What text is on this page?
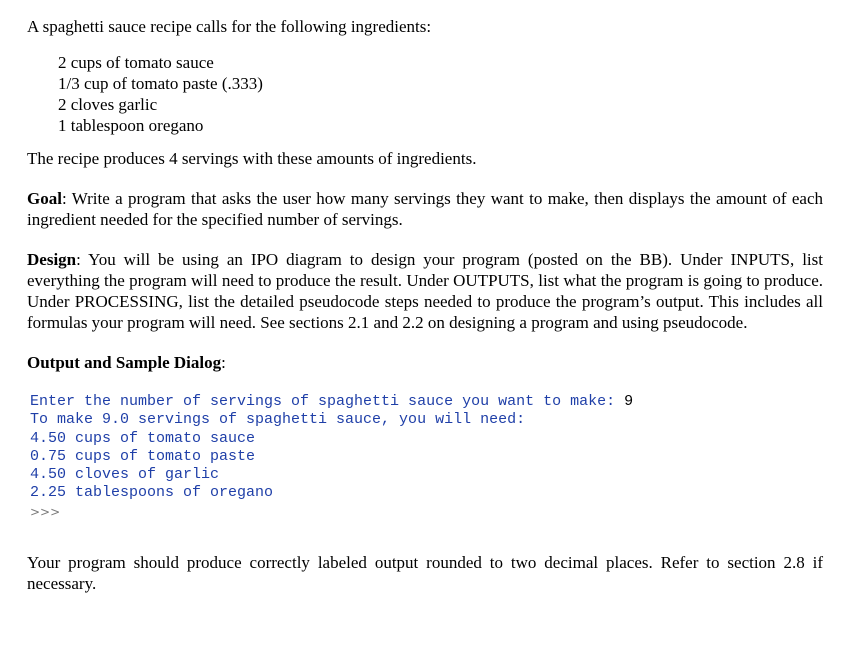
A spaghetti sauce recipe calls for the following ingredients:

2 cups of tomato sauce
1/3 cup of tomato paste (.333)
2 cloves garlic
1 tablespoon oregano

The recipe produces 4 servings with these amounts of ingredients.

Goal: Write a program that asks the user how many servings they want to make, then displays the amount of each ingredient needed for the specified number of servings.

Design: You will be using an IPO diagram to design your program (posted on the BB). Under INPUTS, list everything the program will need to produce the result. Under OUTPUTS, list what the program is going to produce. Under PROCESSING, list the detailed pseudocode steps needed to produce the program’s output. This includes all formulas your program will need. See sections 2.1 and 2.2 on designing a program and using pseudocode.

Output and Sample Dialog:

Enter the number of servings of spaghetti sauce you want to make: 9
To make 9.0 servings of spaghetti sauce, you will need:
4.50 cups of tomato sauce
0.75 cups of tomato paste
4.50 cloves of garlic
2.25 tablespoons of oregano
>>>

Your program should produce correctly labeled output rounded to two decimal places. Refer to section 2.8 if necessary.
